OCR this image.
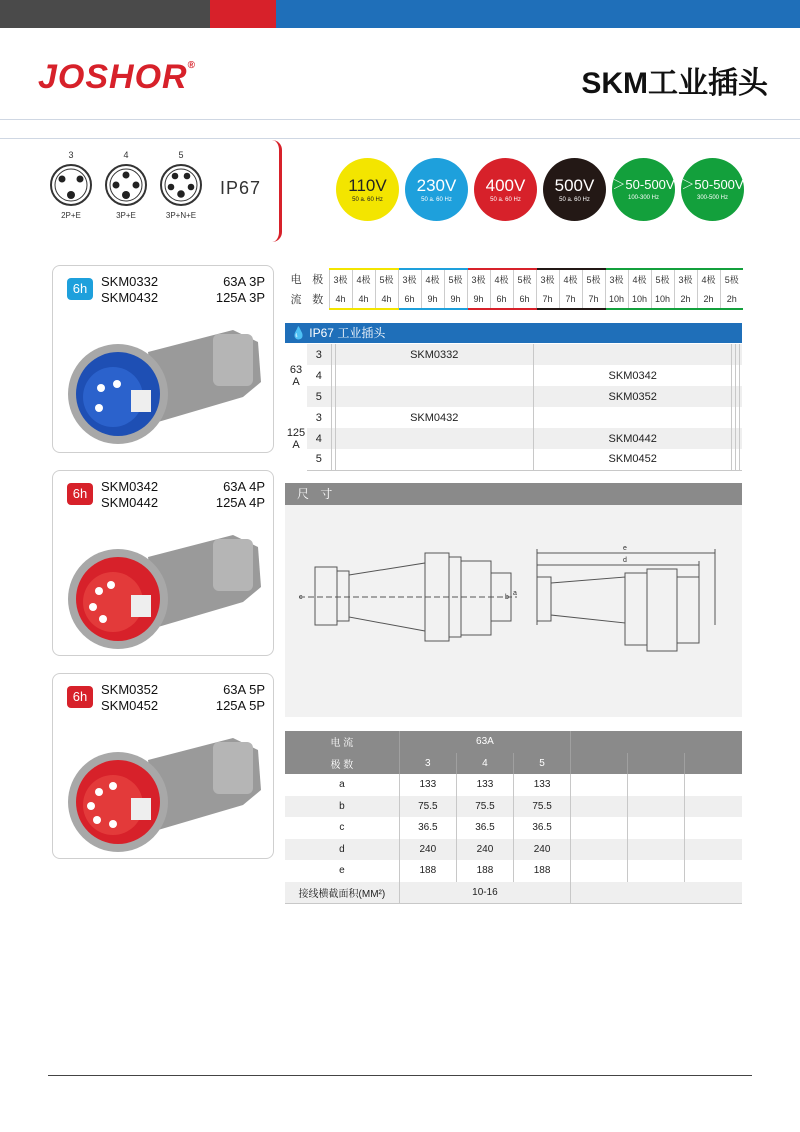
JOSHOR®
SKM工业插头
3
2P+E
4
3P+E
5
3P+N+E
IP67	110V
50 a. 60 Hz
230V
50 a. 60 Hz
400V
50 a. 60 Hz
500V
50 a. 60 Hz
＞50-500V
100-300 Hz
＞50-500V
300-500 Hz
6h	SKM0332
SKM0432
63A 3P
125A 3P
6h	SKM0342
SKM0442
63A 4P
125A 4P
6h	SKM0352
SKM0452
63A 5P
125A 5P
电	极	3极	4极	5极	3极	4极	5极	3极	4极	5极	3极	4极	5极	3极	4极	5极	3极	4极	5极
流	数	4h	4h	4h	6h	9h	9h	9h	6h	6h	7h	7h	7h	10h	10h	10h	2h	2h	2h
💧 IP67 工业插头
63 A	3		SKM0332				
	4			SKM0342			
	5			SKM0352			
125 A	3		SKM0432				
	4			SKM0442			
	5			SKM0452			
尺 寸
e
d
c	b
a
电 流	63A					
极 数	3	4	5			
a	133	133	133			
b	75.5	75.5	75.5			
c	36.5	36.5	36.5			
d	240	240	240			
e	188	188	188			
接线横截面积(MM²)	10-16					
